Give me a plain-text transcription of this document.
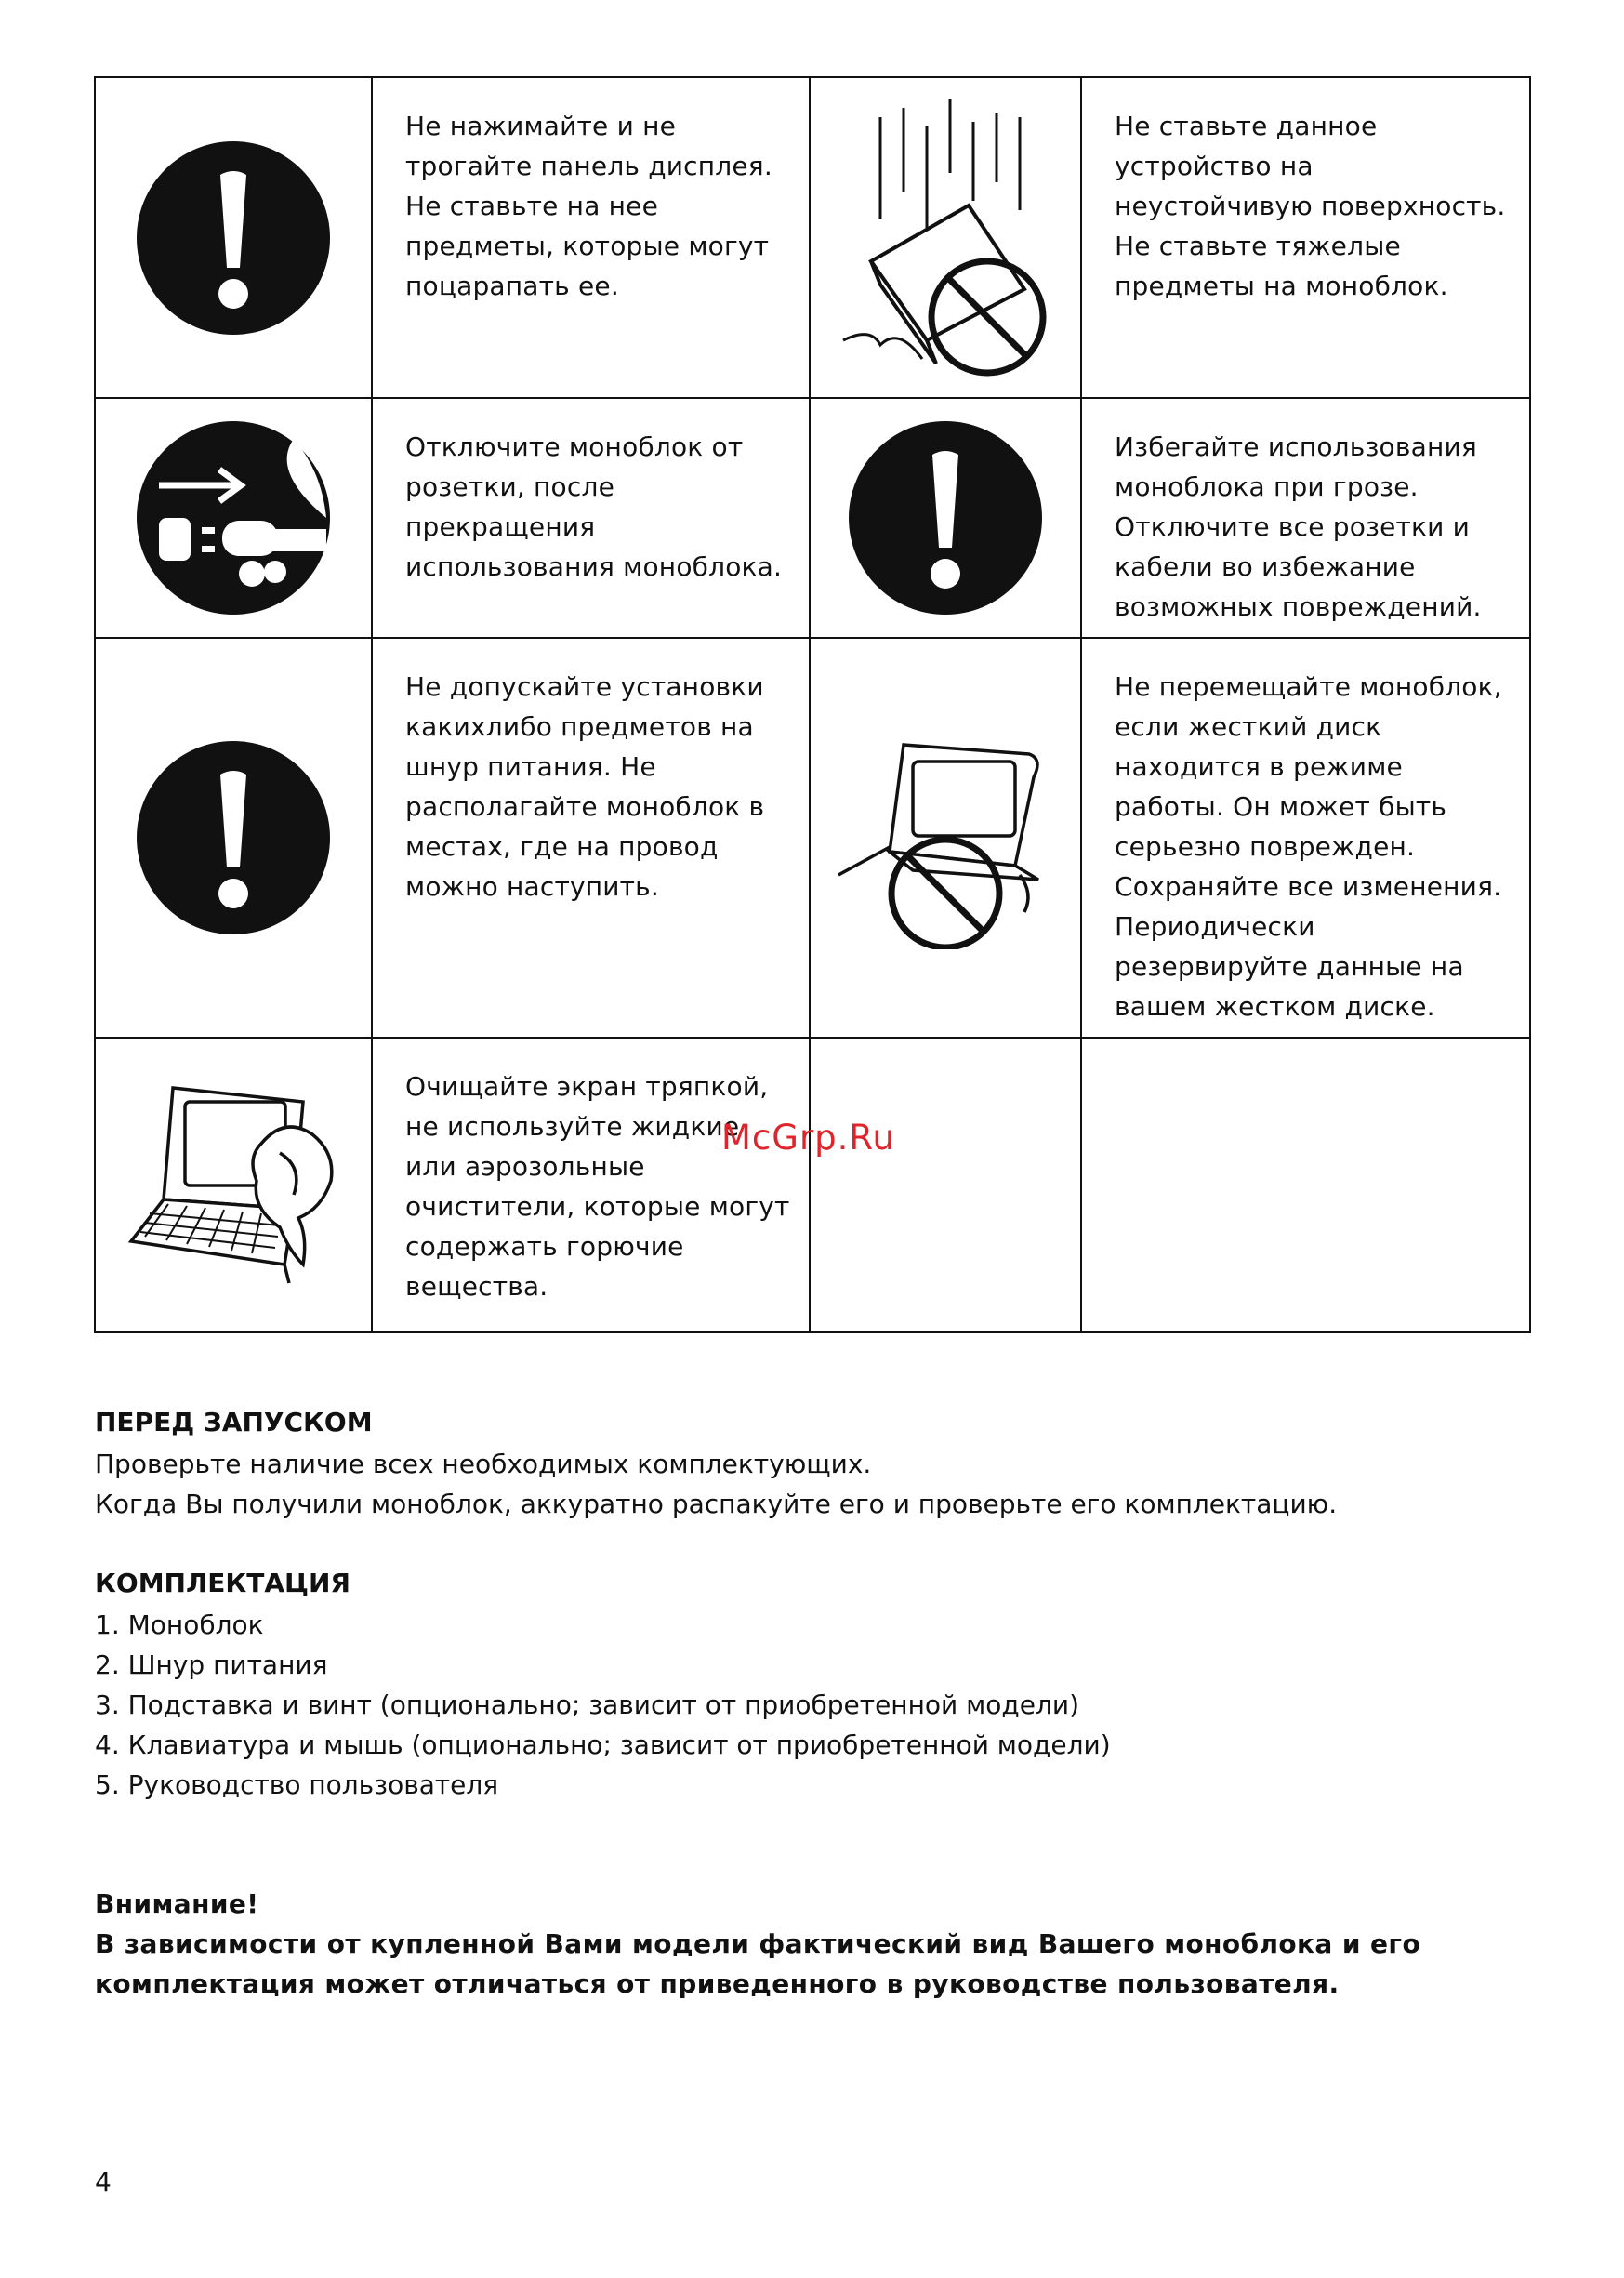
	Не нажимайте и не трогайте панель дисплея. Не ставьте на нее предметы, которые могут поцарапать ее.		Не ставьте данное устройство на неустойчивую поверхность. Не ставьте тяжелые предметы на моноблок.

	Отключите моноблок от розетки, после прекращения использования моноблока.		Избегайте использования моноблока при грозе. Отключите все розетки и кабели во избежание возможных повреждений.

	Не допускайте установки какихлибо предметов на шнур питания. Не располагайте моноблок в местах, где на провод можно наступить.		Не перемещайте моноблок, если жесткий диск находится в режиме работы. Он может быть серьезно поврежден. Сохраняйте все изменения. Периодически резервируйте данные на вашем жестком диске.

	Очищайте экран тряпкой, не используйте жидкие или аэрозольные очистители, которые могут содержать горючие вещества.		
McGrp.Ru
ПЕРЕД ЗАПУСКОМ
Проверьте наличие всех необходимых комплектующих.
Когда Вы получили моноблок, аккуратно распакуйте его и проверьте его комплектацию.
КОМПЛЕКТАЦИЯ
1. Моноблок
2. Шнур питания
3. Подставка и винт (опционально; зависит от приобретенной модели)
4. Клавиатура и мышь (опционально; зависит от приобретенной модели)
5. Руководство пользователя
Внимание!
В зависимости от купленной Вами модели фактический вид Вашего моноблока и его комплектация может отличаться от приведенного в руководстве пользователя.
4
